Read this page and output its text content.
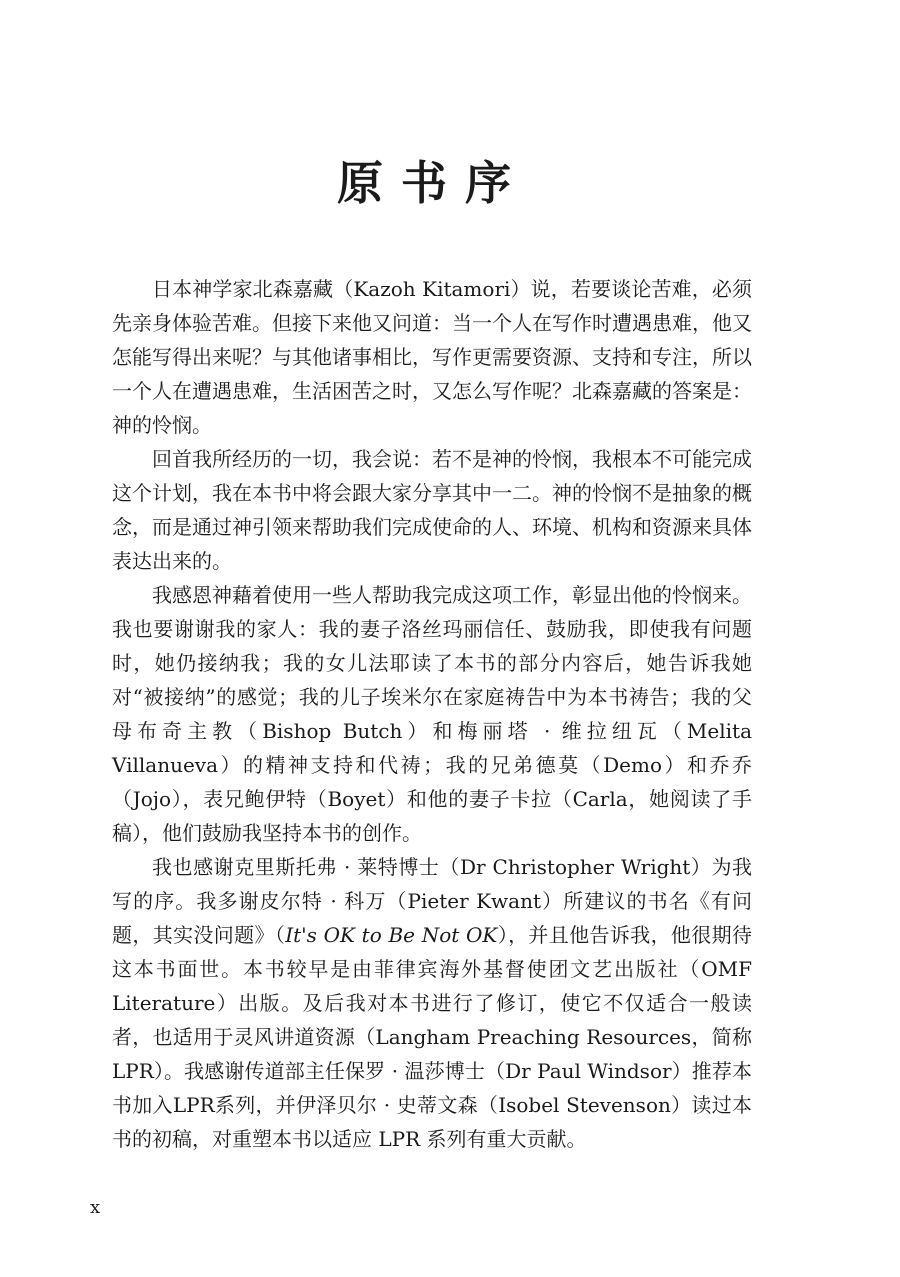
原书序

日本神学家北森嘉藏（Kazoh Kitamori）说，若要谈论苦难，必须先亲身体验苦难。但接下来他又问道：当一个人在写作时遭遇患难，他又怎能写得出来呢？与其他诸事相比，写作更需要资源、支持和专注，所以一个人在遭遇患难，生活困苦之时，又怎么写作呢？北森嘉藏的答案是：神的怜悯。

回首我所经历的一切，我会说：若不是神的怜悯，我根本不可能完成这个计划，我在本书中将会跟大家分享其中一二。神的怜悯不是抽象的概念，而是通过神引领来帮助我们完成使命的人、环境、机构和资源来具体表达出来的。

我感恩神藉着使用一些人帮助我完成这项工作，彰显出他的怜悯来。我也要谢谢我的家人：我的妻子洛丝玛丽信任、鼓励我，即使我有问题时，她仍接纳我；我的女儿法耶读了本书的部分内容后，她告诉我她对“被接纳”的感觉；我的儿子埃米尔在家庭祷告中为本书祷告；我的父母布奇主教（Bishop Butch）和梅丽塔 · 维拉纽瓦（Melita Villanueva）的精神支持和代祷；我的兄弟德莫（Demo）和乔乔（Jojo），表兄鲍伊特（Boyet）和他的妻子卡拉（Carla，她阅读了手稿），他们鼓励我坚持本书的创作。

我也感谢克里斯托弗 · 莱特博士（Dr Christopher Wright）为我写的序。我多谢皮尔特 · 科万（Pieter Kwant）所建议的书名《有问题，其实没问题》（It's OK to Be Not OK），并且他告诉我，他很期待这本书面世。本书较早是由菲律宾海外基督使团文艺出版社（OMF Literature）出版。及后我对本书进行了修订，使它不仅适合一般读者，也适用于灵风讲道资源（Langham Preaching Resources，简称LPR）。我感谢传道部主任保罗 · 温莎博士（Dr Paul Windsor）推荐本书加入LPR系列，并伊泽贝尔 · 史蒂文森（Isobel Stevenson）读过本书的初稿，对重塑本书以适应 LPR 系列有重大贡献。

x
